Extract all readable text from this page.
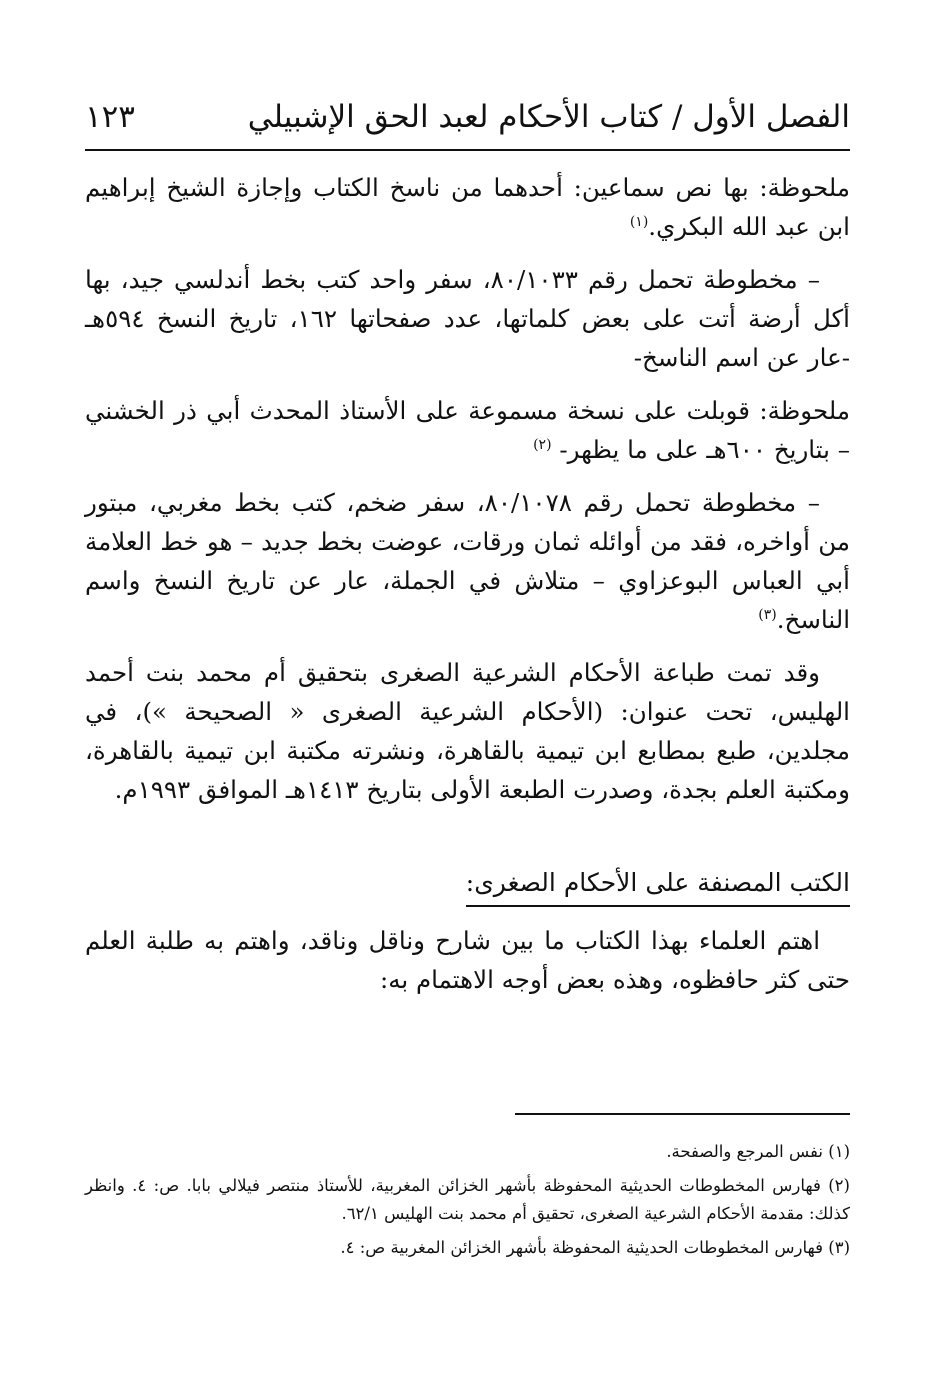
الفصل الأول / كتاب الأحكام لعبد الحق الإشبيلي
١٢٣

ملحوظة: بها نص سماعين: أحدهما من ناسخ الكتاب وإجازة الشيخ إبراهيم ابن عبد الله البكري.$^{(١)}$

– مخطوطة تحمل رقم ٨٠/١٠٣٣، سفر واحد كتب بخط أندلسي جيد، بها أكل أرضة أتت على بعض كلماتها، عدد صفحاتها ١٦٢، تاريخ النسخ ٥٩٤هـ -عار عن اسم الناسخ-

ملحوظة: قوبلت على نسخة مسموعة على الأستاذ المحدث أبي ذر الخشني – بتاريخ ٦٠٠هـ على ما يظهر- $^{(٢)}$

– مخطوطة تحمل رقم ٨٠/١٠٧٨، سفر ضخم، كتب بخط مغربي، مبتور من أواخره، فقد من أوائله ثمان ورقات، عوضت بخط جديد – هو خط العلامة أبي العباس البوعزاوي – متلاش في الجملة، عار عن تاريخ النسخ واسم الناسخ.$^{(٣)}$

وقد تمت طباعة الأحكام الشرعية الصغرى بتحقيق أم محمد بنت أحمد الهليس، تحت عنوان: (الأحكام الشرعية الصغرى « الصحيحة »)، في مجلدين، طبع بمطابع ابن تيمية بالقاهرة، ونشرته مكتبة ابن تيمية بالقاهرة، ومكتبة العلم بجدة، وصدرت الطبعة الأولى بتاريخ ١٤١٣هـ الموافق ١٩٩٣م.

الكتب المصنفة على الأحكام الصغرى:

اهتم العلماء بهذا الكتاب ما بين شارح وناقل وناقد، واهتم به طلبة العلم حتى كثر حافظوه، وهذه بعض أوجه الاهتمام به:

(١) نفس المرجع والصفحة.

(٢) فهارس المخطوطات الحديثية المحفوظة بأشهر الخزائن المغربية، للأستاذ منتصر فيلالي بابا. ص: ٤. وانظر كذلك: مقدمة الأحكام الشرعية الصغرى، تحقيق أم محمد بنت الهليس ٦٢/١.

(٣) فهارس المخطوطات الحديثية المحفوظة بأشهر الخزائن المغربية ص: ٤.
